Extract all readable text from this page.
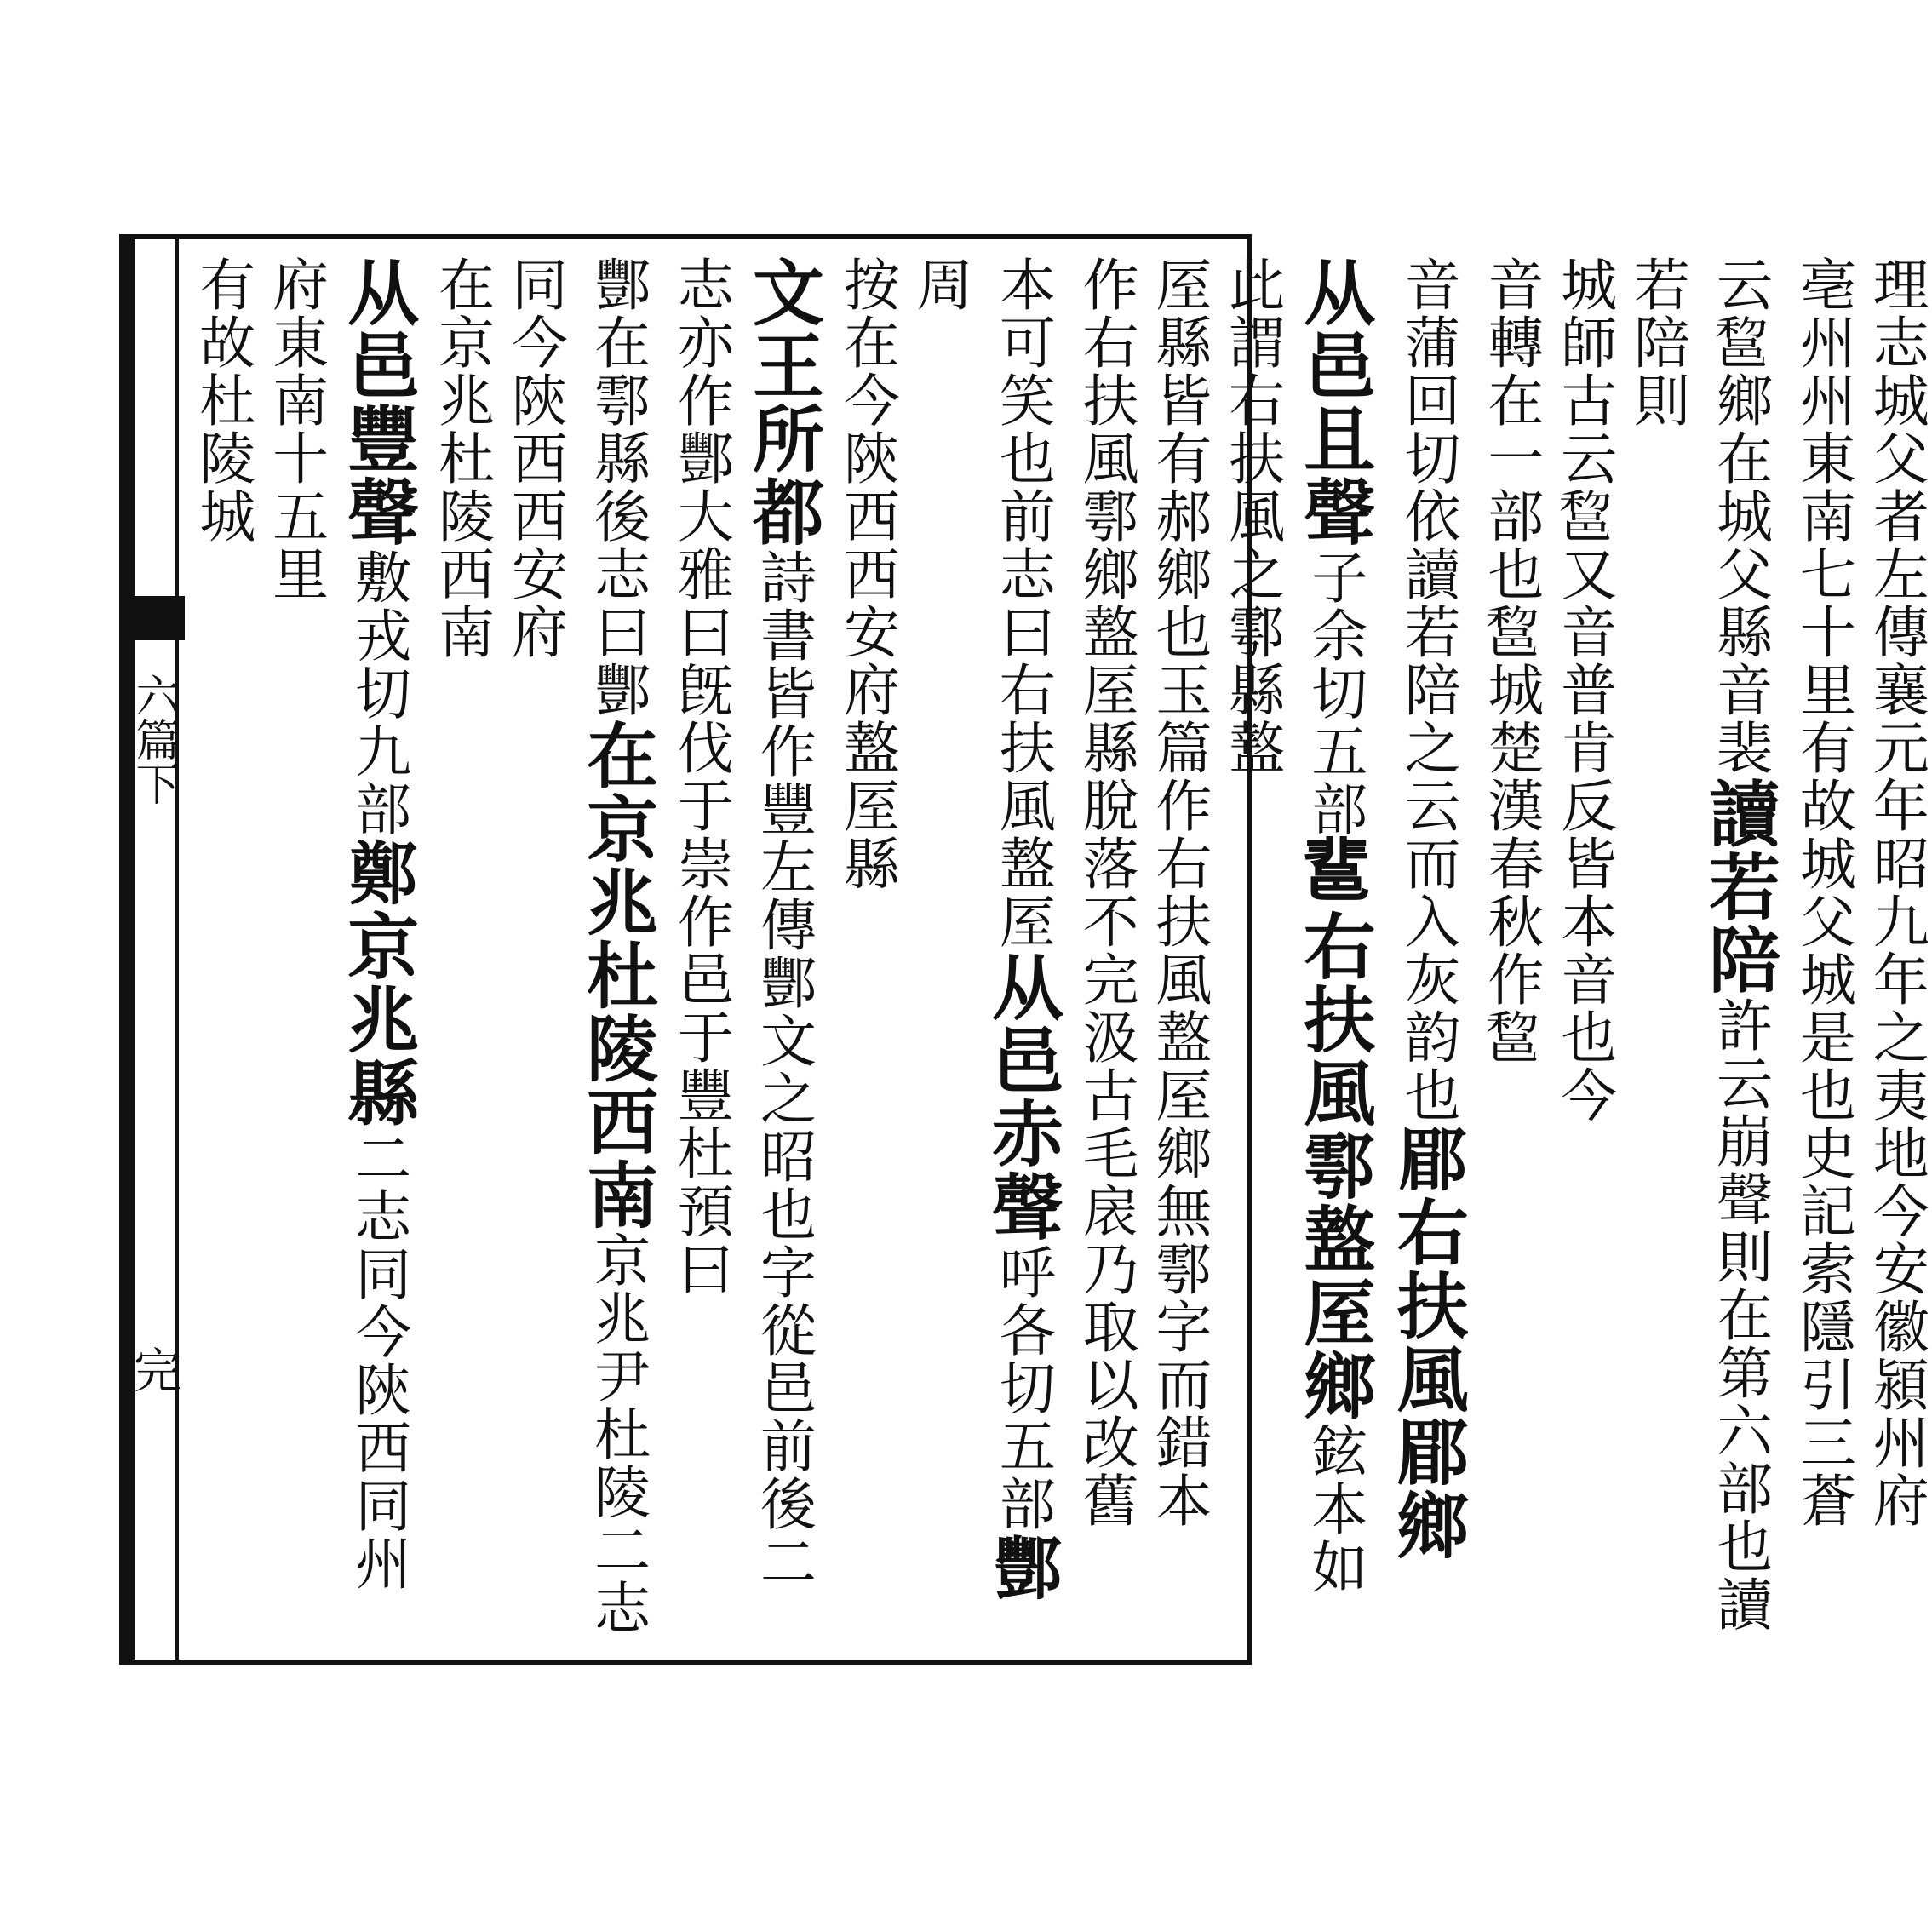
六篇下
完	理志城父者左傳襄元年昭九年之夷地今安徽潁州府
亳州州東南七十里有故城父城是也史記索隱引三蒼
云𨛫鄉在城父縣音裴讀若陪許云崩聲則在第六部也讀若陪則
城師古云𨛫又音普肯反皆本音也今
音轉在一部也𨛫城楚漢春秋作𨛫
音蒲回切依讀若陪之云而入灰韵也郿右扶風郿鄉
从邑且聲子余切五部𨛬右扶風鄠盩厔鄉鉉本如此謂右扶風之鄠縣盩
厔縣皆有郝鄉也玉篇作右扶風盩厔鄉無鄠字而錯本
作右扶風鄠鄉盩厔縣脫落不完汲古毛扆乃取以改舊
本可笑也前志曰右扶風盩厔从邑赤聲呼各切五部酆周
按在今陝西西安府盩厔縣
文王所都詩書皆作豐左傳酆文之昭也字從邑前後二
志亦作酆大雅曰旣伐于崇作邑于豐杜預曰
酆在鄠縣後志曰酆在京兆杜陵西南京兆尹杜陵二志
同今陝西西安府
在京兆杜陵西南
从邑豐聲敷戎切九部鄭京兆縣二志同今陝西同州
府東南十五里
有故杜陵城
